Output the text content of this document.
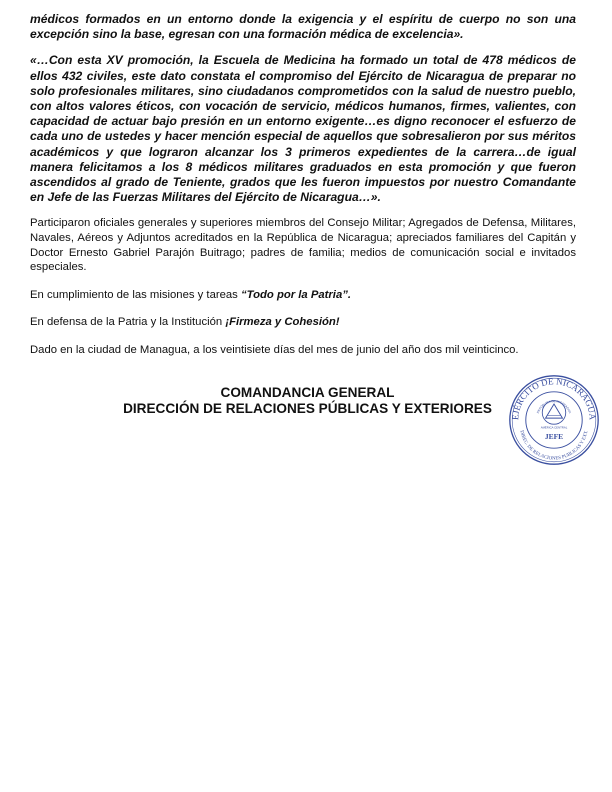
médicos formados en un entorno donde la exigencia y el espíritu de cuerpo no son una excepción sino la base, egresan con una formación médica de excelencia».

«…Con esta XV promoción, la Escuela de Medicina ha formado un total de 478 médicos de ellos 432 civiles, este dato constata el compromiso del Ejército de Nicaragua de preparar no solo profesionales militares, sino ciudadanos comprometidos con la salud de nuestro pueblo, con altos valores éticos, con vocación de servicio, médicos humanos, firmes, valientes, con capacidad de actuar bajo presión en un entorno exigente…es digno reconocer el esfuerzo de cada uno de ustedes y hacer mención especial de aquellos que sobresalieron por sus méritos académicos y que lograron alcanzar los 3 primeros expedientes de la carrera…de igual manera felicitamos a los 8 médicos militares graduados en esta promoción y que fueron ascendidos al grado de Teniente, grados que les fueron impuestos por nuestro Comandante en Jefe de las Fuerzas Militares del Ejército de Nicaragua…».

Participaron oficiales generales y superiores miembros del Consejo Militar; Agregados de Defensa, Militares, Navales, Aéreos y Adjuntos acreditados en la República de Nicaragua; apreciados familiares del Capitán y Doctor Ernesto Gabriel Parajón Buitrago; padres de familia; medios de comunicación social e invitados especiales.

En cumplimiento de las misiones y tareas “Todo por la Patria”.

En defensa de la Patria y la Institución ¡Firmeza y Cohesión!

Dado en la ciudad de Managua, a los veintisiete días del mes de junio del año dos mil veinticinco.

COMANDANCIA GENERAL
DIRECCIÓN DE RELACIONES PÚBLICAS Y EXTERIORES
EJÉRCITO DE NICARAGUA
DIREC. DE RELACIONES PUBLICAS Y EXT.
REPÚBLICA DE NICARAGUA
AMÉRICA CENTRAL
JEFE
